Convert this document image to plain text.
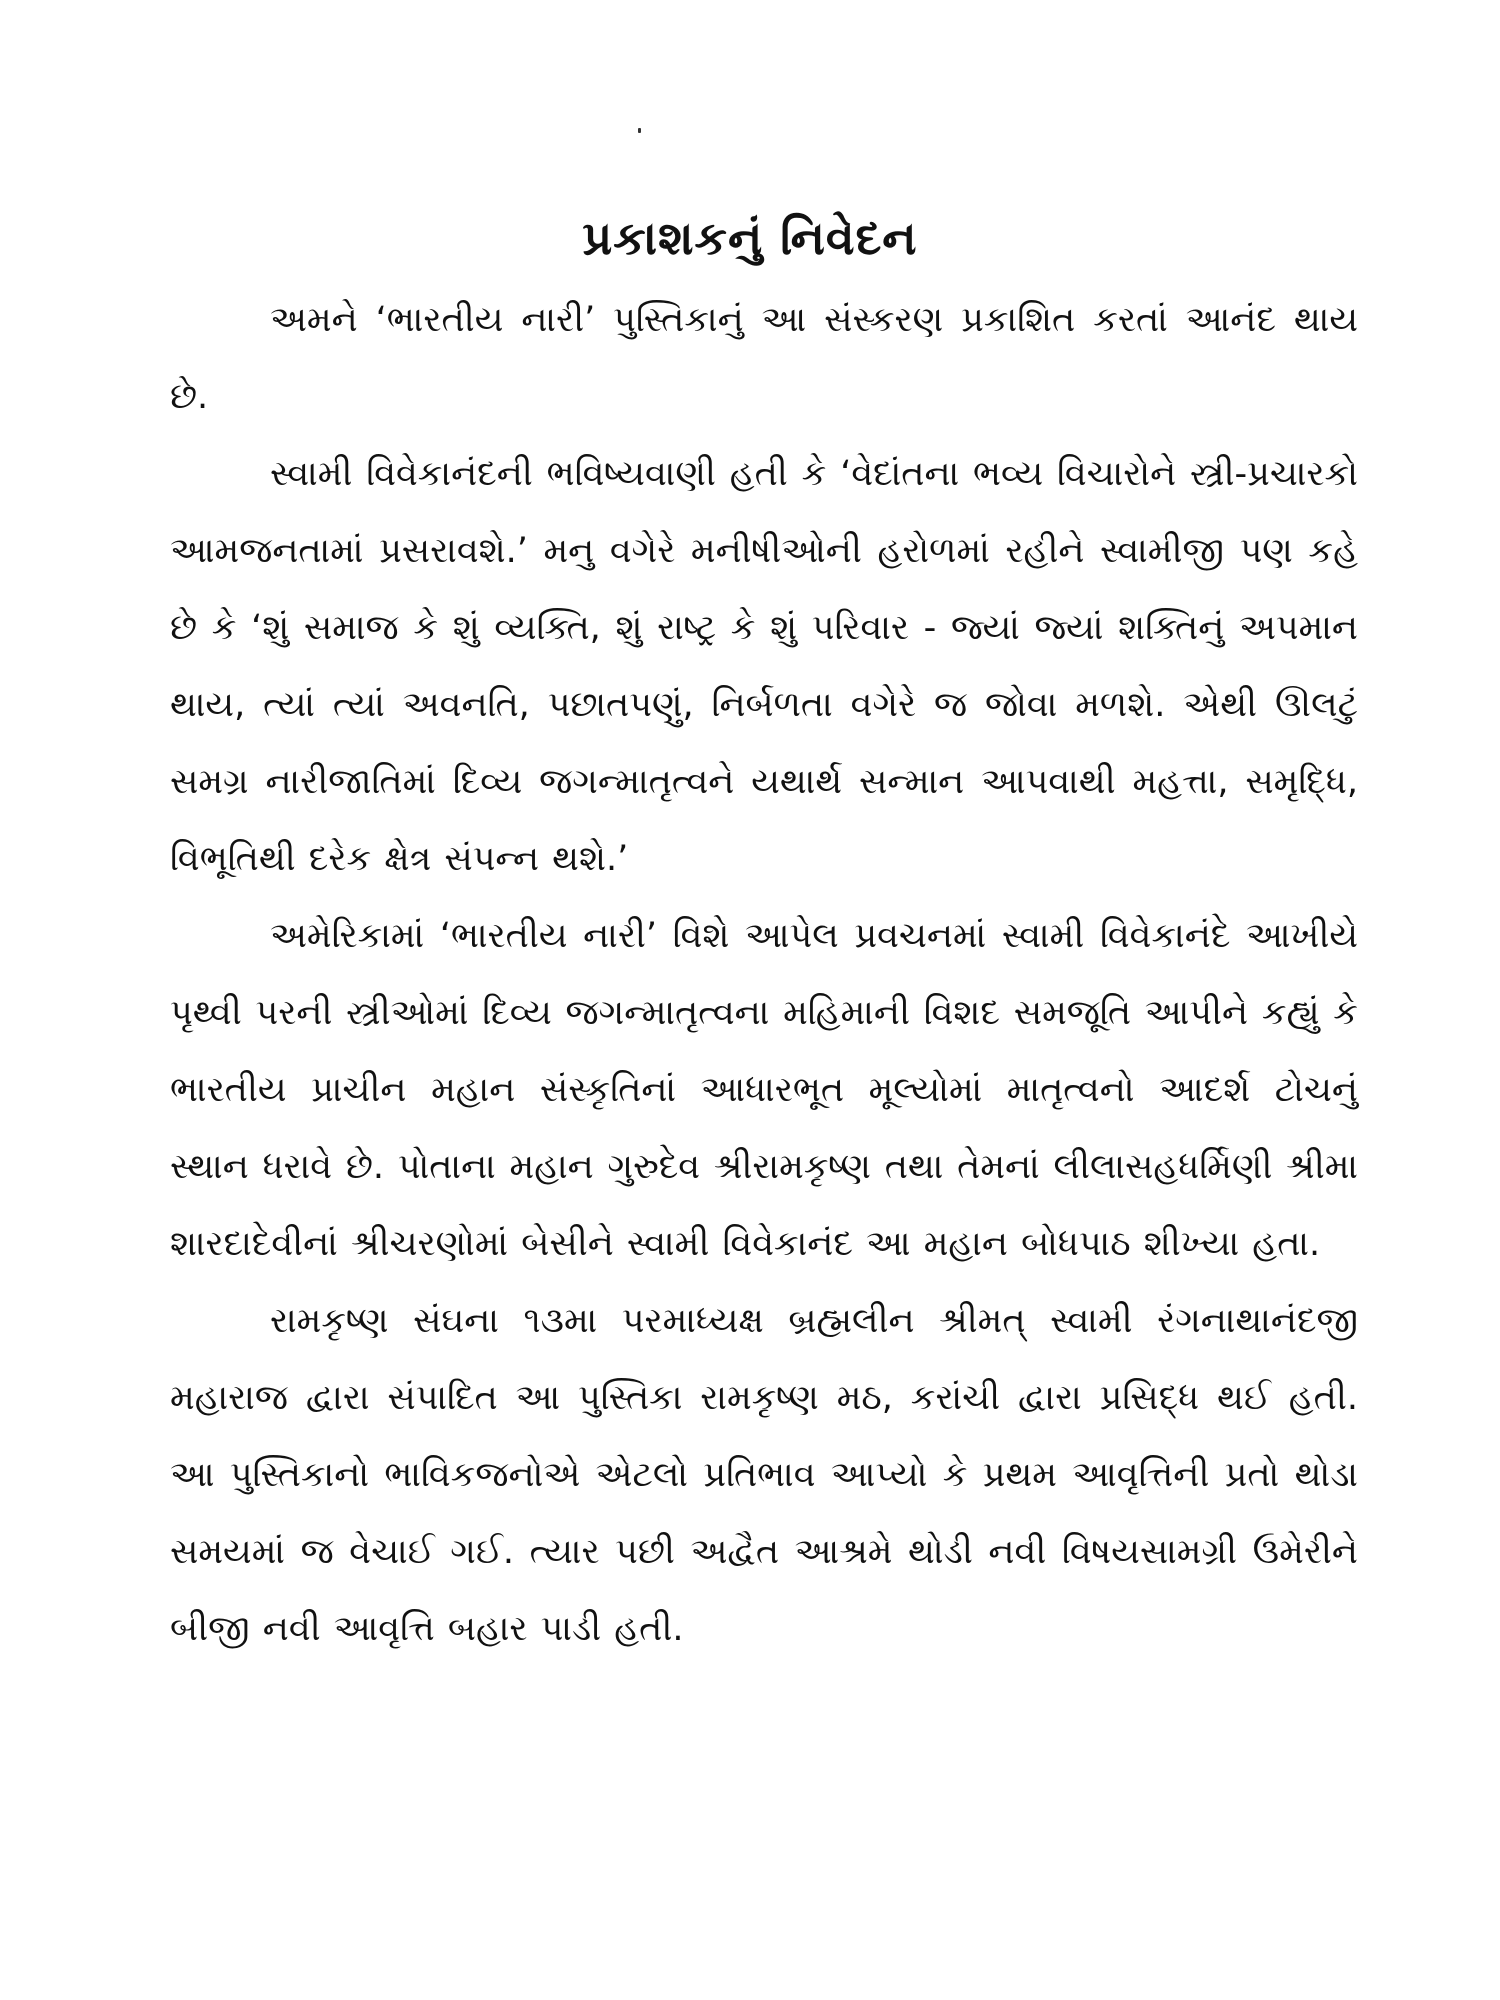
પ્રકાશકનું નિવેદન

અમને ‘ભારતીય નારી’ પુસ્તિકાનું આ સંસ્કરણ પ્રકાશિત કરતાં આનંદ થાય છે.

સ્વામી વિવેકાનંદની ભવિષ્યવાણી હતી કે ‘વેદાંતના ભવ્ય વિચારોને સ્ત્રી-પ્રચારકો આમજનતામાં પ્રસરાવશે.’ મનુ વગેરે મનીષીઓની હરોળમાં રહીને સ્વામીજી પણ કહે છે કે ‘શું સમાજ કે શું વ્યક્તિ, શું રાષ્ટ્ર કે શું પરિવાર - જ્યાં જ્યાં શક્તિનું અપમાન થાય, ત્યાં ત્યાં અવનતિ, પછાતપણું, નિર્બળતા વગેરે જ જોવા મળશે. એથી ઊલટું સમગ્ર નારીજાતિમાં દિવ્ય જગન્માતૃત્વને યથાર્થ સન્માન આપવાથી મહત્તા, સમૃદ્ધિ, વિભૂતિથી દરેક ક્ષેત્ર સંપન્ન થશે.’

અમેરિકામાં ‘ભારતીય નારી’ વિશે આપેલ પ્રવચનમાં સ્વામી વિવેકાનંદે આખીયે પૃથ્વી પરની સ્ત્રીઓમાં દિવ્ય જગન્માતૃત્વના મહિમાની વિશદ સમજૂતિ આપીને કહ્યું કે ભારતીય પ્રાચીન મહાન સંસ્કૃતિનાં આધારભૂત મૂલ્યોમાં માતૃત્વનો આદર્શ ટોચનું સ્થાન ધરાવે છે. પોતાના મહાન ગુરુદેવ શ્રીરામકૃષ્ણ તથા તેમનાં લીલાસહધર્મિણી શ્રીમા શારદાદેવીનાં શ્રીચરણોમાં બેસીને સ્વામી વિવેકાનંદ આ મહાન બોધપાઠ શીખ્યા હતા.

રામકૃષ્ણ સંઘના ૧૩મા પરમાધ્યક્ષ બ્રહ્મલીન શ્રીમત્ સ્વામી રંગનાથાનંદજી મહારાજ દ્વારા સંપાદિત આ પુસ્તિકા રામકૃષ્ણ મઠ, કરાંચી દ્વારા પ્રસિદ્ધ થઈ હતી. આ પુસ્તિકાનો ભાવિકજનોએ એટલો પ્રતિભાવ આપ્યો કે પ્રથમ આવૃત્તિની પ્રતો થોડા સમયમાં જ વેચાઈ ગઈ. ત્યાર પછી અદ્વૈત આશ્રમે થોડી નવી વિષયસામગ્રી ઉમેરીને બીજી નવી આવૃત્તિ બહાર પાડી હતી.
